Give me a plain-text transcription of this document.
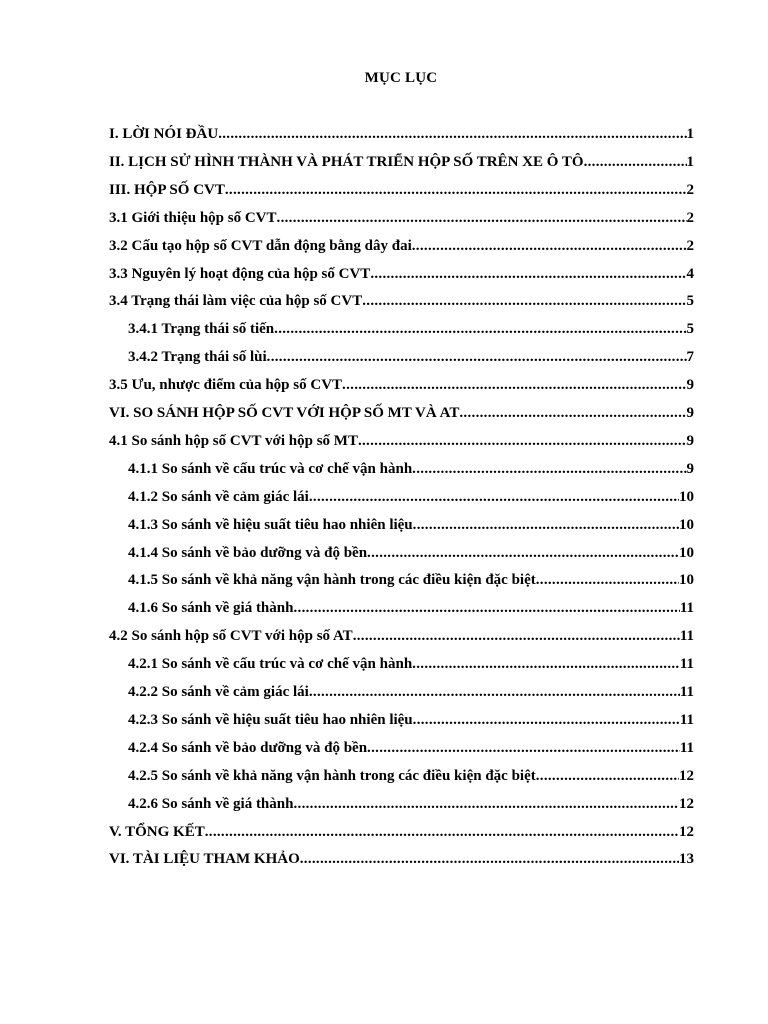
MỤC LỤC
I. LỜI NÓI ĐẦU .....	1
II. LỊCH SỬ HÌNH THÀNH VÀ PHÁT TRIỂN HỘP SỐ TRÊN XE Ô TÔ .....	1
III. HỘP SỐ CVT .....	2
3.1 Giới thiệu hộp số CVT .....	2
3.2 Cấu tạo hộp số CVT dẫn động bằng dây đai .....	2
3.3 Nguyên lý hoạt động của hộp số CVT .....	4
3.4 Trạng thái làm việc của hộp số CVT .....	5
3.4.1 Trạng thái số tiến .....	5
3.4.2 Trạng thái số lùi .....	7
3.5 Ưu, nhược điểm của hộp số CVT .....	9
VI. SO SÁNH HỘP SỐ CVT VỚI HỘP SỐ MT VÀ AT .....	9
4.1 So sánh hộp số CVT với hộp số MT .....	9
4.1.1 So sánh về cấu trúc và cơ chế vận hành .....	9
4.1.2 So sánh về cảm giác lái .....	10
4.1.3 So sánh về hiệu suất tiêu hao nhiên liệu .....	10
4.1.4 So sánh về bảo dưỡng và độ bền .....	10
4.1.5 So sánh về khả năng vận hành trong các điều kiện đặc biệt .....	10
4.1.6 So sánh về giá thành .....	11
4.2 So sánh hộp số CVT với hộp số AT .....	11
4.2.1 So sánh về cấu trúc và cơ chế vận hành .....	11
4.2.2 So sánh về cảm giác lái .....	11
4.2.3 So sánh về hiệu suất tiêu hao nhiên liệu .....	11
4.2.4 So sánh về bảo dưỡng và độ bền .....	11
4.2.5 So sánh về khả năng vận hành trong các điều kiện đặc biệt .....	12
4.2.6 So sánh về giá thành .....	12
V. TỔNG KẾT .....	12
VI. TÀI LIỆU THAM KHẢO .....	13
